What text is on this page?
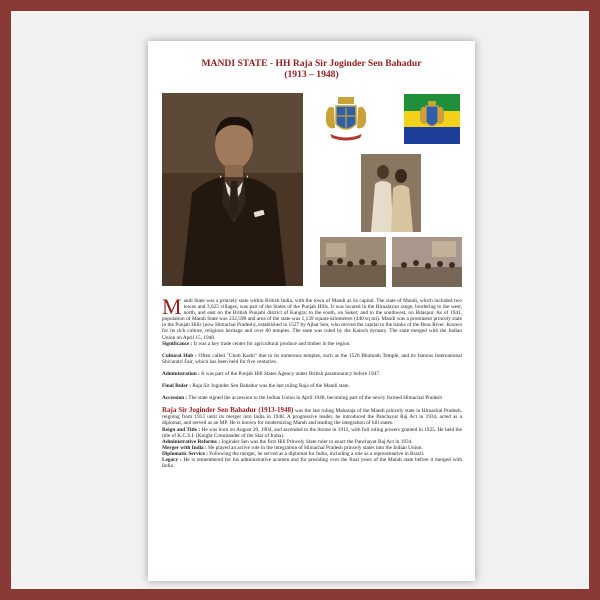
MANDI STATE - HH Raja Sir Joginder Sen Bahadur
(1913 – 1948)

Mandi State was a princely state within British India, with the town of Mandi as its capital. The state of Mandi, which included two towns and 3,625 villages, was part of the States of the Punjab Hills. It was located in the Himalayan range, bordering to the west, north, and east on the British Punjabi district of Kangra; to the south, on Suket; and to the southwest, on Bilaspur. As of 1941, population of Mandi State was 232,598 and area of the state was 1,139 square kilometres (440 sq mi). Mandi was a prominent princely state in the Punjab Hills (now Himachal Pradesh), established in 1527 by Ajbar Sen, who moved the capital to the banks of the Beas River. Known for its rich culture, religious heritage and over 80 temples. The state was ruled by the Katoch dynasty. The state merged with the Indian Union on April 15, 1948.

Significance : It was a key trade center for agricultural produce and timber in the region.

Cultural Hub : Often called "Choti Kashi" due to its numerous temples, such as the 1526 Bhutnath Temple, and its famous International Shivaratri Fair, which has been held for five centuries.

Administration : It was part of the Punjab Hill States Agency under British paramountcy before 1947.

Final Ruler : Raja Sir Joginder Sen Bahadur was the last ruling Raja of the Mandi state.

Accession : The state signed the accession to the Indian Union in April 1948, becoming part of the newly formed Himachal Pradesh

Raja Sir Joginder Sen Bahadur (1913-1948) was the last ruling Maharaja of the Mandi princely state in Himachal Pradesh, reigning from 1913 until its merger into India in 1948. A progressive leader, he introduced the Panchayat Raj Act in 1934, acted as a diplomat, and served as an MP. He is known for modernizing Mandi and leading the integration of hill states.

Reign and Title : He was born on August 20, 1904, and ascended to the throne in 1913, with full ruling powers granted in 1925. He held the title of K.C.S.I. (Knight Commander of the Star of India).

Administrative Reforms : Joginder Sen was the first Hill Princely State ruler to enact the Panchayat Raj Act in 1934.

Merger with India : He played an active role in the integration of Himachal Pradesh princely states into the Indian Union.

Diplomatic Service : Following the merger, he served as a diplomat for India, including a role as a representative in Brazil.

Legacy : He is remembered for his administrative acumen and for presiding over the final years of the Mandi state before it merged with India.
